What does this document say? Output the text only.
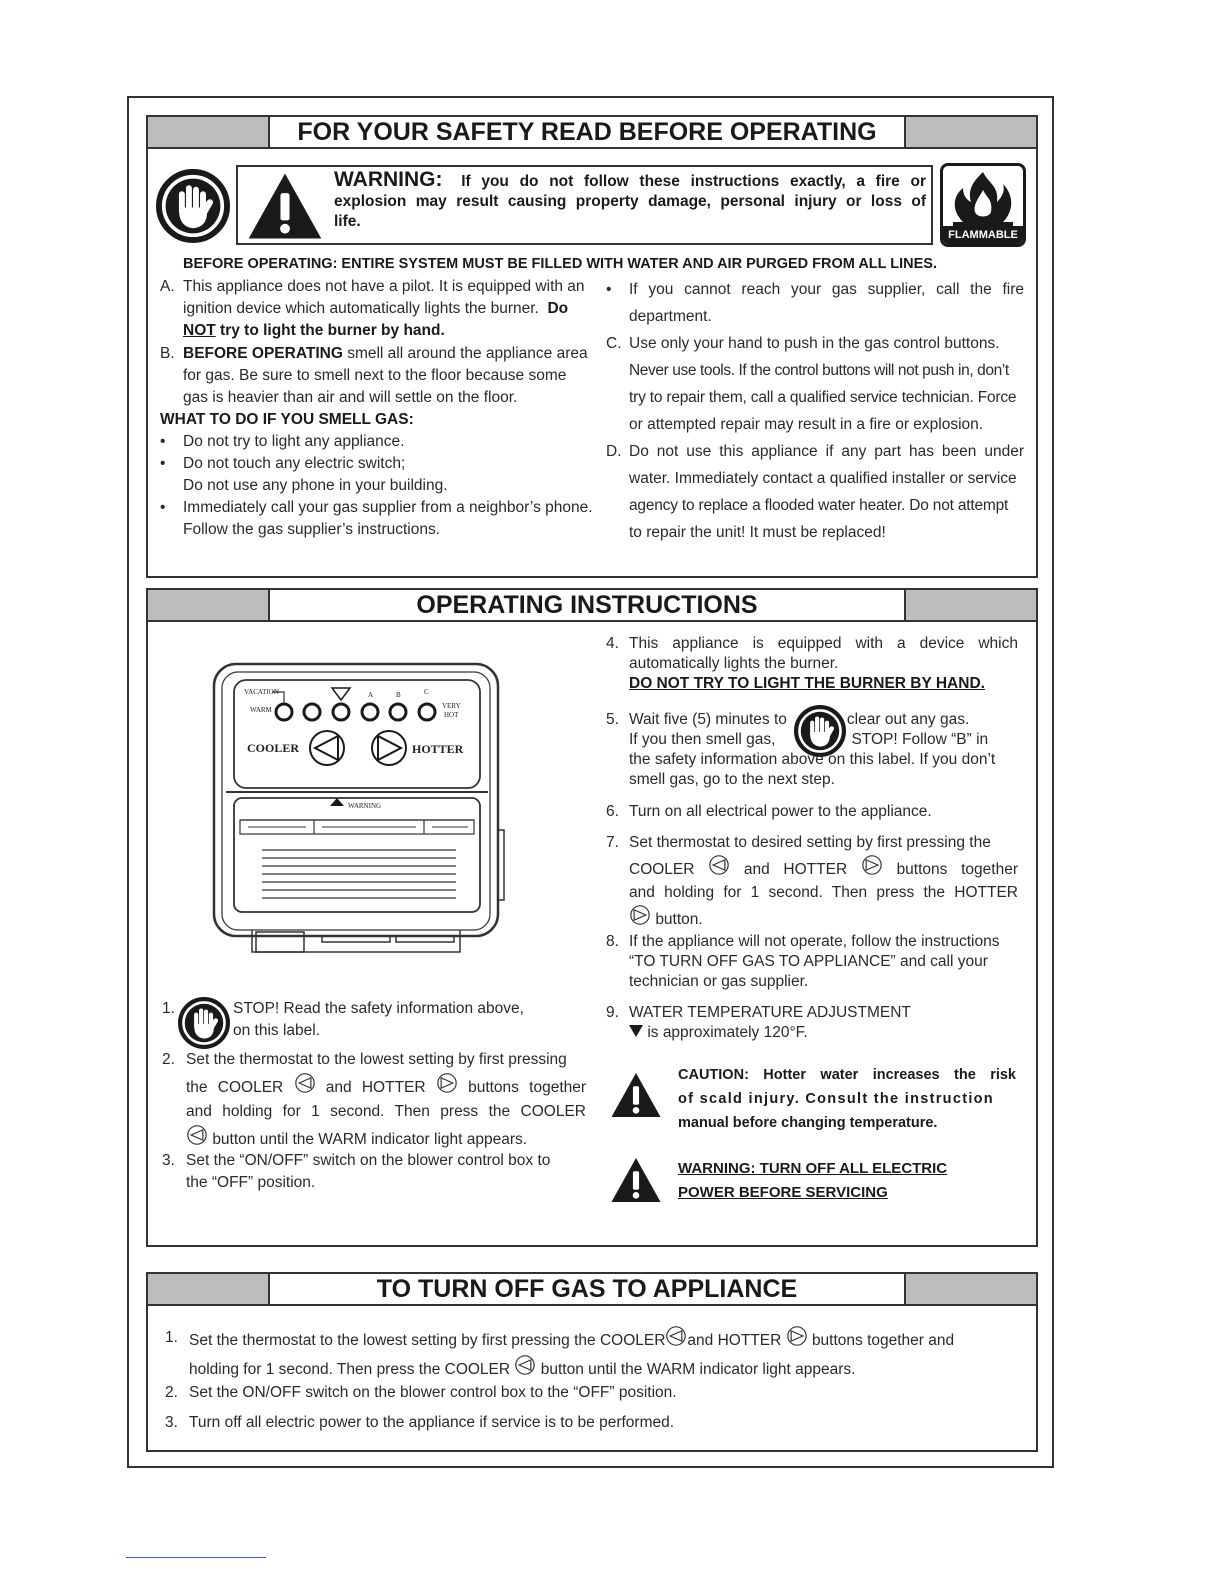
FOR YOUR SAFETY READ BEFORE OPERATING
WARNING: If you do not follow these instructions exactly, a fire or
explosion may result causing property damage, personal injury or loss of
life.
FLAMMABLE
BEFORE OPERATING: ENTIRE SYSTEM MUST BE FILLED WITH WATER AND AIR PURGED FROM ALL LINES.
A. This appliance does not have a pilot. It is equipped with an
ignition device which automatically lights the burner. Do
NOT try to light the burner by hand.
B. BEFORE OPERATING smell all around the appliance area
for gas. Be sure to smell next to the floor because some
gas is heavier than air and will settle on the floor.
WHAT TO DO IF YOU SMELL GAS:
• Do not try to light any appliance.
• Do not touch any electric switch;
Do not use any phone in your building.
• Immediately call your gas supplier from a neighbor’s phone.
Follow the gas supplier’s instructions.
• If you cannot reach your gas supplier, call the fire
department.
C. Use only your hand to push in the gas control buttons.
Never use tools. If the control buttons will not push in, don’t
try to repair them, call a qualified service technician. Force
or attempted repair may result in a fire or explosion.
D. Do not use this appliance if any part has been under
water. Immediately contact a qualified installer or service
agency to replace a flooded water heater. Do not attempt
to repair the unit! It must be replaced!
OPERATING INSTRUCTIONS
VACATION
WARM
A	B	C
VERY
HOT
COOLER	HOTTER
WARNING
1.	STOP! Read the safety information above,
on this label.
2. Set the thermostat to the lowest setting by first pressing
the COOLER	and HOTTER	buttons together
and holding for 1 second. Then press the COOLER
button until the WARM indicator light appears.
3. Set the “ON/OFF” switch on the blower control box to
the “OFF” position.
4. This appliance is equipped with a device which
automatically lights the burner.
DO NOT TRY TO LIGHT THE BURNER BY HAND.
5. Wait five (5) minutes to	clear out any gas.
If you then smell gas,	STOP! Follow “B” in
the safety information above on this label. If you don’t
smell gas, go to the next step.
6. Turn on all electrical power to the appliance.
7. Set thermostat to desired setting by first pressing the
COOLER	and HOTTER	buttons together
and holding for 1 second. Then press the HOTTER
button.
8. If the appliance will not operate, follow the instructions
“TO TURN OFF GAS TO APPLIANCE” and call your
technician or gas supplier.
9. WATER TEMPERATURE ADJUSTMENT
is approximately 120°F.
CAUTION: Hotter water increases the risk
of scald injury. Consult the instruction
manual before changing temperature.
WARNING: TURN OFF ALL ELECTRIC
POWER BEFORE SERVICING
TO TURN OFF GAS TO APPLIANCE
1. Set the thermostat to the lowest setting by first pressing the COOLER and HOTTER buttons together and
holding for 1 second. Then press the COOLER button until the WARM indicator light appears.
2. Set the ON/OFF switch on the blower control box to the “OFF” position.
3. Turn off all electric power to the appliance if service is to be performed.
